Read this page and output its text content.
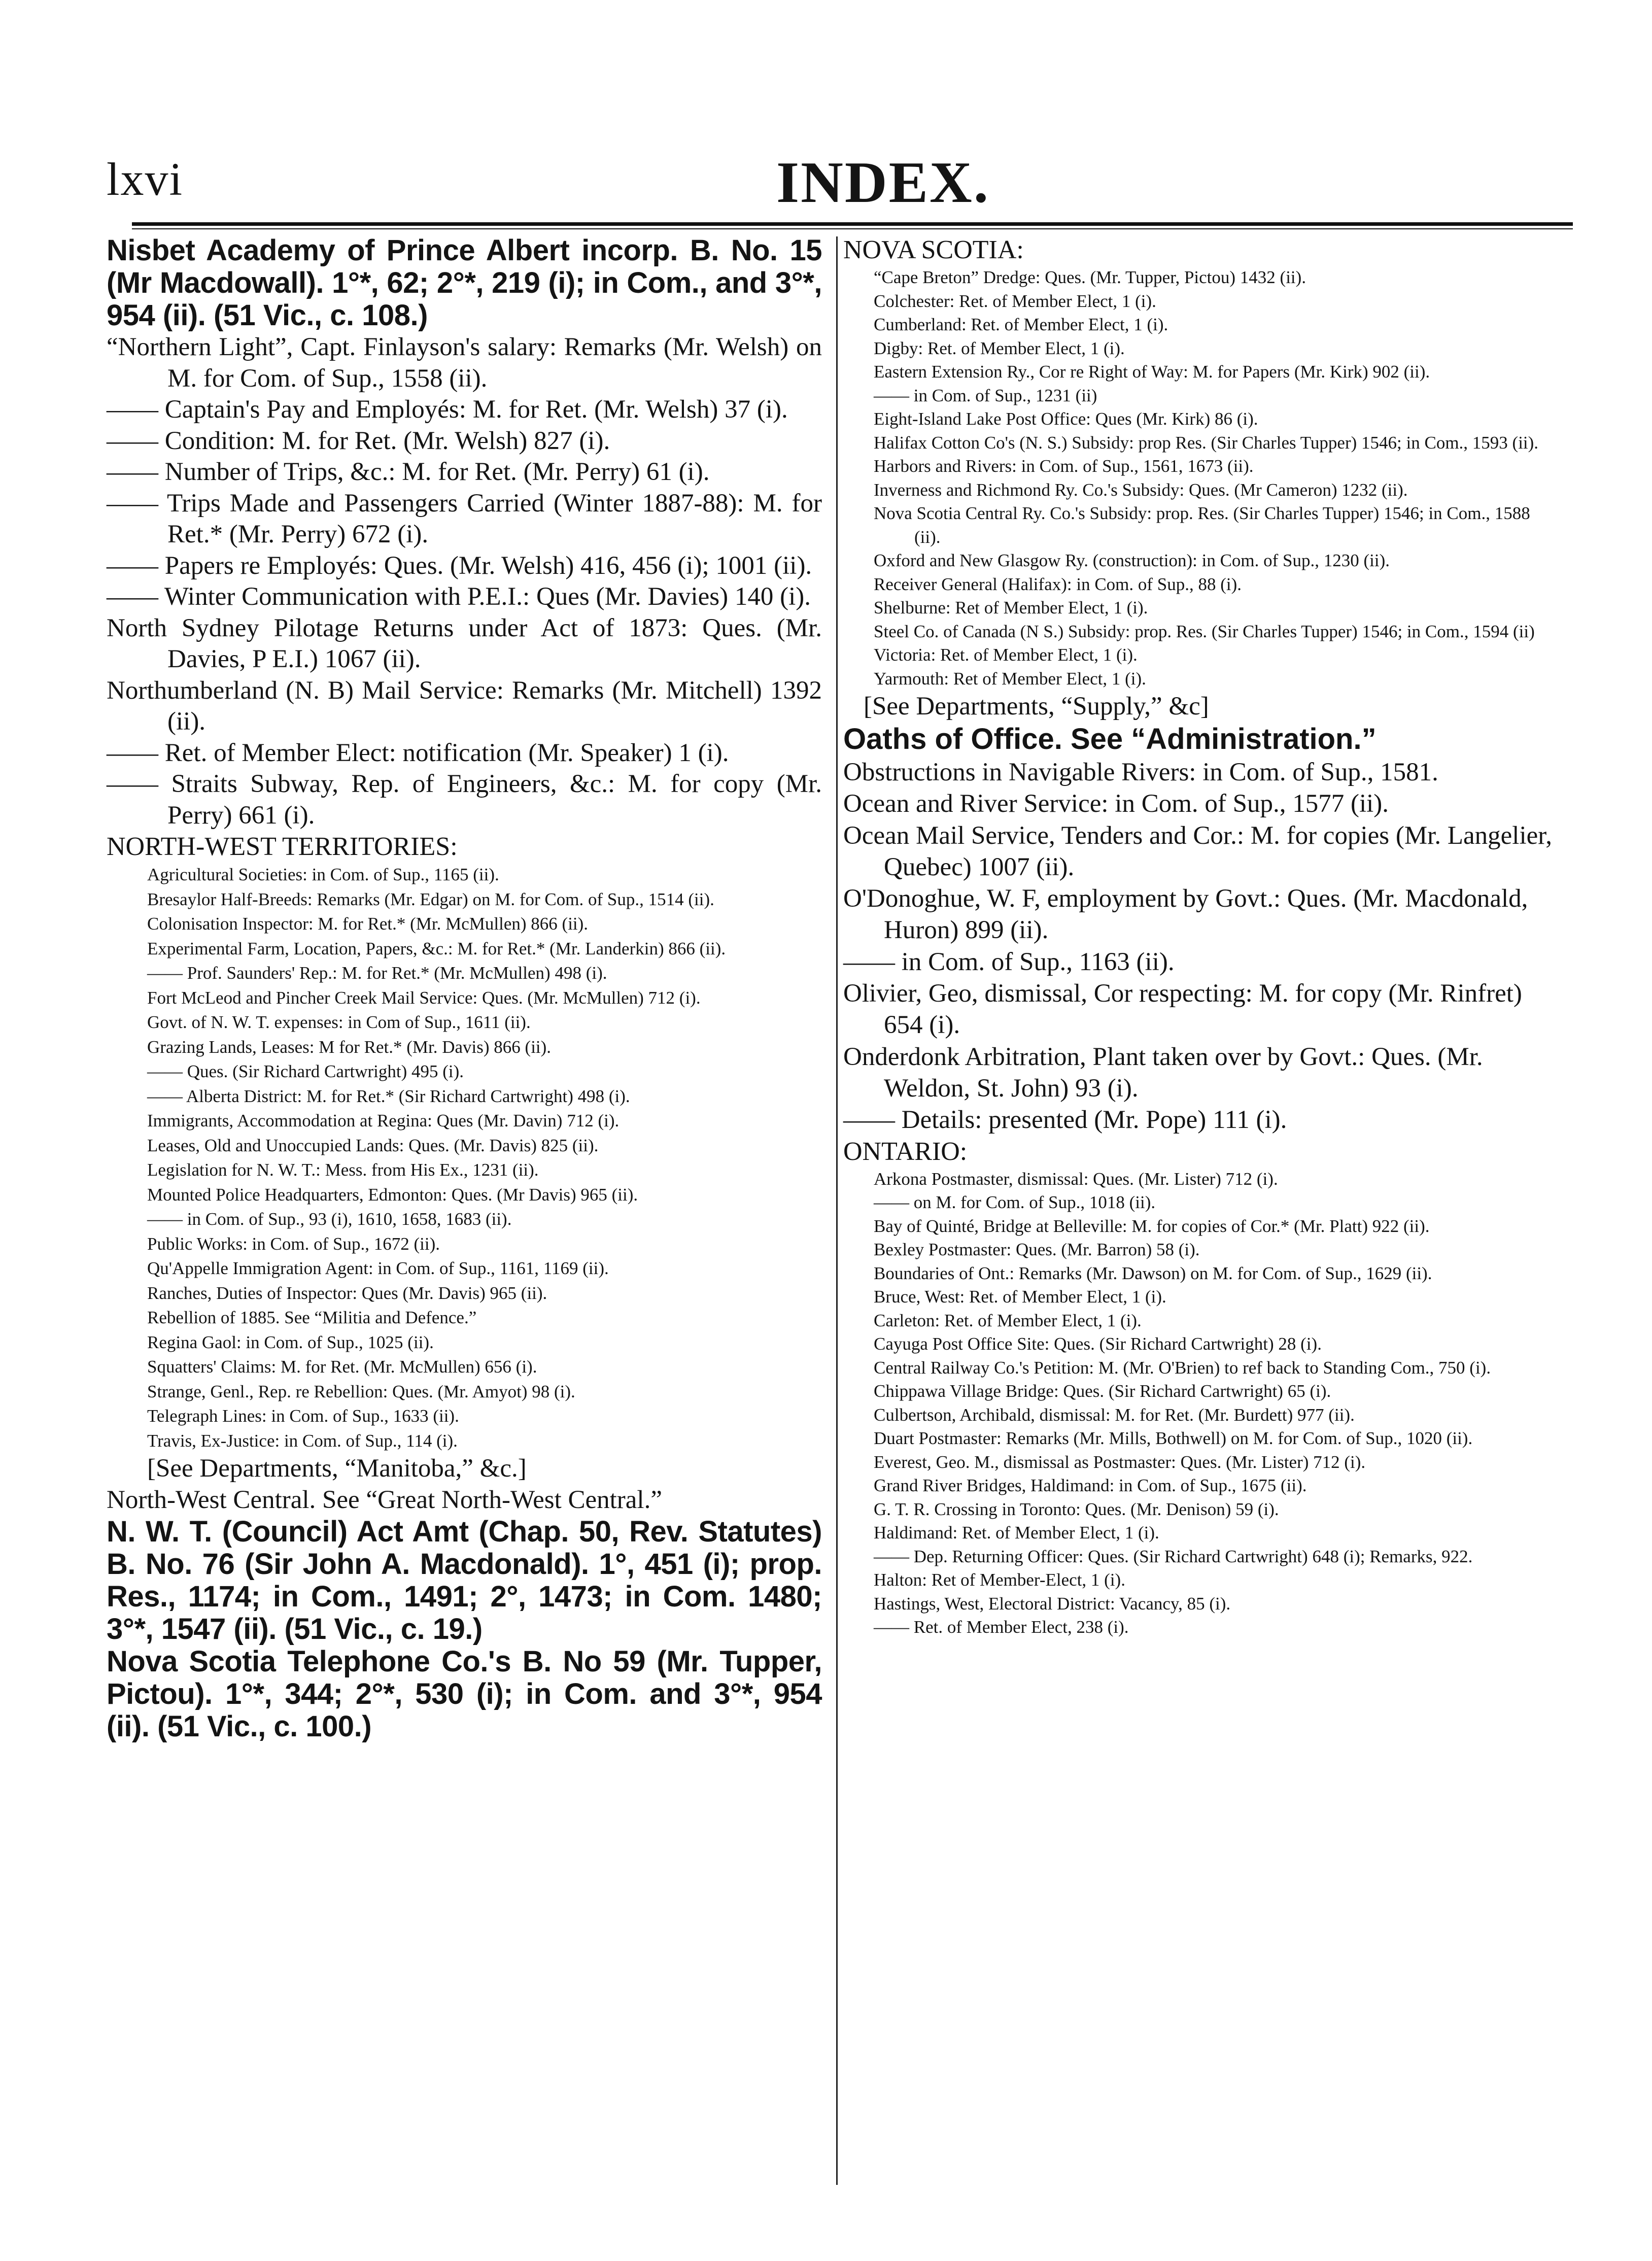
lxvi	INDEX.

Nisbet Academy of Prince Albert incorp. B. No. 15 (Mr Macdowall). 1°*, 62; 2°*, 219 (i); in Com., and 3°*, 954 (ii). (51 Vic., c. 108.)

“Northern Light”, Capt. Finlayson's salary: Remarks (Mr. Welsh) on M. for Com. of Sup., 1558 (ii).

—— Captain's Pay and Employés: M. for Ret. (Mr. Welsh) 37 (i).

—— Condition: M. for Ret. (Mr. Welsh) 827 (i).

—— Number of Trips, &c.: M. for Ret. (Mr. Perry) 61 (i).

—— Trips Made and Passengers Carried (Winter 1887-88): M. for Ret.* (Mr. Perry) 672 (i).

—— Papers re Employés: Ques. (Mr. Welsh) 416, 456 (i); 1001 (ii).

—— Winter Communication with P.E.I.: Ques (Mr. Davies) 140 (i).

North Sydney Pilotage Returns under Act of 1873: Ques. (Mr. Davies, P E.I.) 1067 (ii).

Northumberland (N. B) Mail Service: Remarks (Mr. Mitchell) 1392 (ii).

—— Ret. of Member Elect: notification (Mr. Speaker) 1 (i).

—— Straits Subway, Rep. of Engineers, &c.: M. for copy (Mr. Perry) 661 (i).

NORTH-WEST TERRITORIES:

Agricultural Societies: in Com. of Sup., 1165 (ii).

Bresaylor Half-Breeds: Remarks (Mr. Edgar) on M. for Com. of Sup., 1514 (ii).

Colonisation Inspector: M. for Ret.* (Mr. McMullen) 866 (ii).

Experimental Farm, Location, Papers, &c.: M. for Ret.* (Mr. Landerkin) 866 (ii).

—— Prof. Saunders' Rep.: M. for Ret.* (Mr. McMullen) 498 (i).

Fort McLeod and Pincher Creek Mail Service: Ques. (Mr. McMullen) 712 (i).

Govt. of N. W. T. expenses: in Com of Sup., 1611 (ii).

Grazing Lands, Leases: M for Ret.* (Mr. Davis) 866 (ii).

—— Ques. (Sir Richard Cartwright) 495 (i).

—— Alberta District: M. for Ret.* (Sir Richard Cartwright) 498 (i).

Immigrants, Accommodation at Regina: Ques (Mr. Davin) 712 (i).

Leases, Old and Unoccupied Lands: Ques. (Mr. Davis) 825 (ii).

Legislation for N. W. T.: Mess. from His Ex., 1231 (ii).

Mounted Police Headquarters, Edmonton: Ques. (Mr Davis) 965 (ii).

—— in Com. of Sup., 93 (i), 1610, 1658, 1683 (ii).

Public Works: in Com. of Sup., 1672 (ii).

Qu'Appelle Immigration Agent: in Com. of Sup., 1161, 1169 (ii).

Ranches, Duties of Inspector: Ques (Mr. Davis) 965 (ii).

Rebellion of 1885. See “Militia and Defence.”

Regina Gaol: in Com. of Sup., 1025 (ii).

Squatters' Claims: M. for Ret. (Mr. McMullen) 656 (i).

Strange, Genl., Rep. re Rebellion: Ques. (Mr. Amyot) 98 (i).

Telegraph Lines: in Com. of Sup., 1633 (ii).

Travis, Ex-Justice: in Com. of Sup., 114 (i).

[See Departments, “Manitoba,” &c.]

North-West Central. See “Great North-West Central.”

N. W. T. (Council) Act Amt (Chap. 50, Rev. Statutes) B. No. 76 (Sir John A. Macdonald). 1°, 451 (i); prop. Res., 1174; in Com., 1491; 2°, 1473; in Com. 1480; 3°*, 1547 (ii). (51 Vic., c. 19.)

Nova Scotia Telephone Co.'s B. No 59 (Mr. Tupper, Pictou). 1°*, 344; 2°*, 530 (i); in Com. and 3°*, 954 (ii). (51 Vic., c. 100.)

NOVA SCOTIA:

“Cape Breton” Dredge: Ques. (Mr. Tupper, Pictou) 1432 (ii).

Colchester: Ret. of Member Elect, 1 (i).

Cumberland: Ret. of Member Elect, 1 (i).

Digby: Ret. of Member Elect, 1 (i).

Eastern Extension Ry., Cor re Right of Way: M. for Papers (Mr. Kirk) 902 (ii).

—— in Com. of Sup., 1231 (ii)

Eight-Island Lake Post Office: Ques (Mr. Kirk) 86 (i).

Halifax Cotton Co's (N. S.) Subsidy: prop Res. (Sir Charles Tupper) 1546; in Com., 1593 (ii).

Harbors and Rivers: in Com. of Sup., 1561, 1673 (ii).

Inverness and Richmond Ry. Co.'s Subsidy: Ques. (Mr Cameron) 1232 (ii).

Nova Scotia Central Ry. Co.'s Subsidy: prop. Res. (Sir Charles Tupper) 1546; in Com., 1588 (ii).

Oxford and New Glasgow Ry. (construction): in Com. of Sup., 1230 (ii).

Receiver General (Halifax): in Com. of Sup., 88 (i).

Shelburne: Ret of Member Elect, 1 (i).

Steel Co. of Canada (N S.) Subsidy: prop. Res. (Sir Charles Tupper) 1546; in Com., 1594 (ii)

Victoria: Ret. of Member Elect, 1 (i).

Yarmouth: Ret of Member Elect, 1 (i).

[See Departments, “Supply,” &c]

Oaths of Office. See “Administration.”

Obstructions in Navigable Rivers: in Com. of Sup., 1581.

Ocean and River Service: in Com. of Sup., 1577 (ii).

Ocean Mail Service, Tenders and Cor.: M. for copies (Mr. Langelier, Quebec) 1007 (ii).

O'Donoghue, W. F, employment by Govt.: Ques. (Mr. Macdonald, Huron) 899 (ii).

—— in Com. of Sup., 1163 (ii).

Olivier, Geo, dismissal, Cor respecting: M. for copy (Mr. Rinfret) 654 (i).

Onderdonk Arbitration, Plant taken over by Govt.: Ques. (Mr. Weldon, St. John) 93 (i).

—— Details: presented (Mr. Pope) 111 (i).

ONTARIO:

Arkona Postmaster, dismissal: Ques. (Mr. Lister) 712 (i).

—— on M. for Com. of Sup., 1018 (ii).

Bay of Quinté, Bridge at Belleville: M. for copies of Cor.* (Mr. Platt) 922 (ii).

Bexley Postmaster: Ques. (Mr. Barron) 58 (i).

Boundaries of Ont.: Remarks (Mr. Dawson) on M. for Com. of Sup., 1629 (ii).

Bruce, West: Ret. of Member Elect, 1 (i).

Carleton: Ret. of Member Elect, 1 (i).

Cayuga Post Office Site: Ques. (Sir Richard Cartwright) 28 (i).

Central Railway Co.'s Petition: M. (Mr. O'Brien) to ref back to Standing Com., 750 (i).

Chippawa Village Bridge: Ques. (Sir Richard Cartwright) 65 (i).

Culbertson, Archibald, dismissal: M. for Ret. (Mr. Burdett) 977 (ii).

Duart Postmaster: Remarks (Mr. Mills, Bothwell) on M. for Com. of Sup., 1020 (ii).

Everest, Geo. M., dismissal as Postmaster: Ques. (Mr. Lister) 712 (i).

Grand River Bridges, Haldimand: in Com. of Sup., 1675 (ii).

G. T. R. Crossing in Toronto: Ques. (Mr. Denison) 59 (i).

Haldimand: Ret. of Member Elect, 1 (i).

—— Dep. Returning Officer: Ques. (Sir Richard Cartwright) 648 (i); Remarks, 922.

Halton: Ret of Member-Elect, 1 (i).

Hastings, West, Electoral District: Vacancy, 85 (i).

—— Ret. of Member Elect, 238 (i).
